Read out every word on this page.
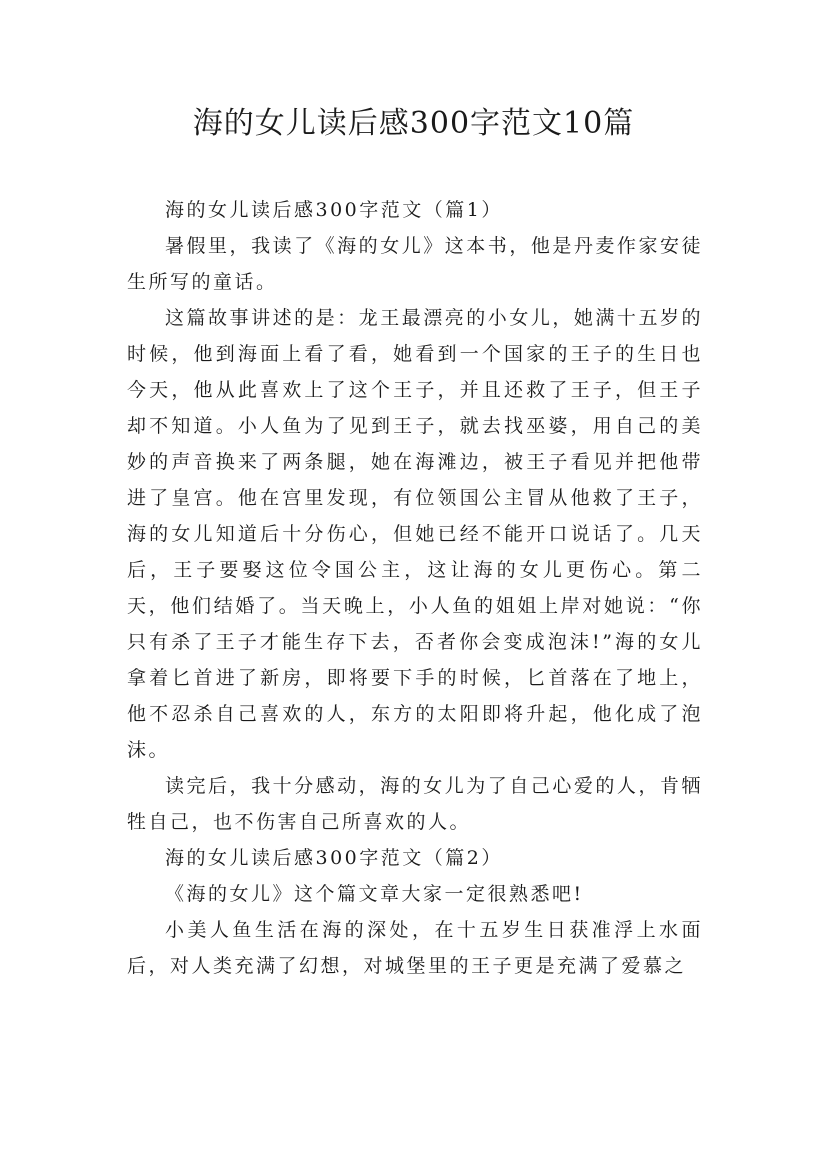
海的女儿读后感300字范文10篇

海的女儿读后感300字范文（篇1）

暑假里，我读了《海的女儿》这本书，他是丹麦作家安徒生所写的童话。

这篇故事讲述的是：龙王最漂亮的小女儿，她满十五岁的时候，他到海面上看了看，她看到一个国家的王子的生日也今天，他从此喜欢上了这个王子，并且还救了王子，但王子却不知道。小人鱼为了见到王子，就去找巫婆，用自己的美妙的声音换来了两条腿，她在海滩边，被王子看见并把他带进了皇宫。他在宫里发现，有位领国公主冒从他救了王子，海的女儿知道后十分伤心，但她已经不能开口说话了。几天后，王子要娶这位令国公主，这让海的女儿更伤心。第二天，他们结婚了。当天晚上，小人鱼的姐姐上岸对她说：“你只有杀了王子才能生存下去，否者你会变成泡沫!”海的女儿拿着匕首进了新房，即将要下手的时候，匕首落在了地上，他不忍杀自己喜欢的人，东方的太阳即将升起，他化成了泡沫。

读完后，我十分感动，海的女儿为了自己心爱的人，肯牺牲自己，也不伤害自己所喜欢的人。

海的女儿读后感300字范文（篇2）

《海的女儿》这个篇文章大家一定很熟悉吧!

小美人鱼生活在海的深处，在十五岁生日获准浮上水面后，对人类充满了幻想，对城堡里的王子更是充满了爱慕之
